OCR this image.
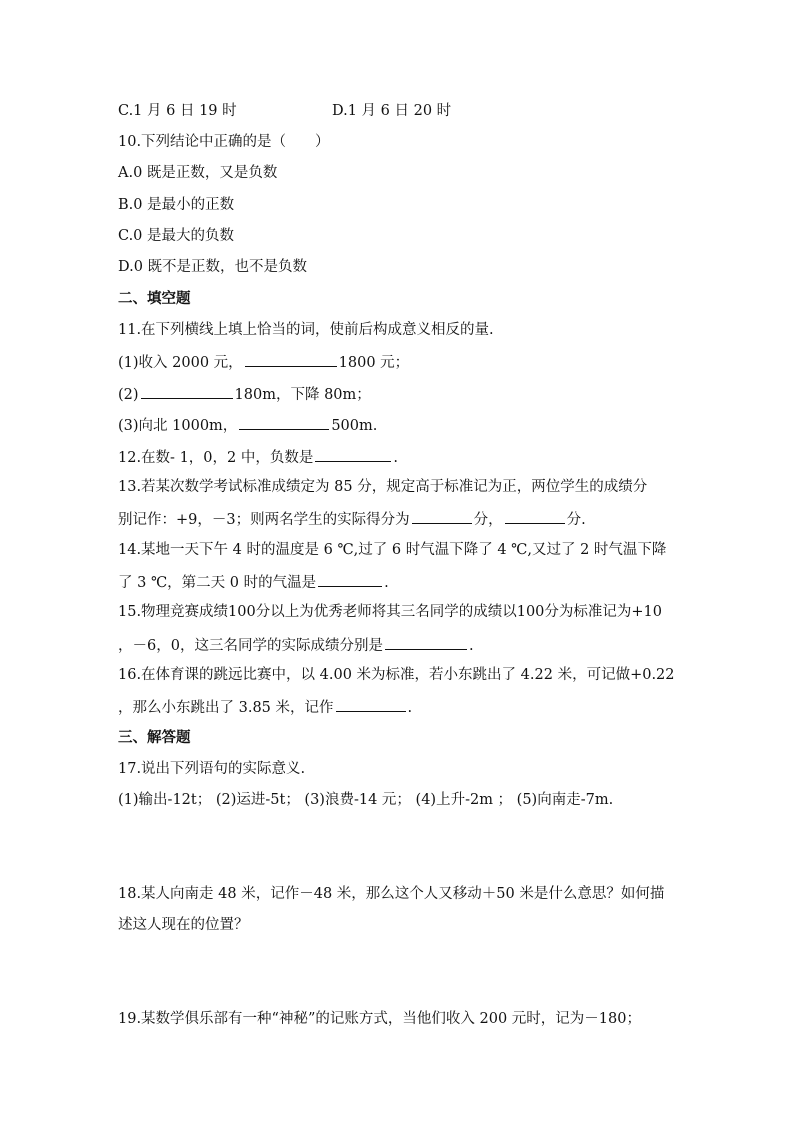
C.1 月 6 日 19 时	D.1 月 6 日 20 时
10.下列结论中正确的是（　　）
A.0 既是正数，又是负数
B.0 是最小的正数
C.0 是最大的负数
D.0 既不是正数，也不是负数
二、填空题
11.在下列横线上填上恰当的词，使前后构成意义相反的量.
(1)收入 2000 元，	1800 元；
(2)	180m，下降 80m；
(3)向北 1000m，	500m.
12.在数- 1，0，2 中，负数是	.
13.若某次数学考试标准成绩定为 85 分，规定高于标准记为正，两位学生的成绩分
别记作：+9，－3；则两名学生的实际得分为	分，	分.
14.某地一天下午 4 时的温度是 6 ℃,过了 6 时气温下降了 4 ℃,又过了 2 时气温下降
了 3 ℃，第二天 0 时的气温是	.
15.物理竞赛成绩100分以上为优秀老师将其三名同学的成绩以100分为标准记为+10
，－6，0，这三名同学的实际成绩分别是	.
16.在体育课的跳远比赛中，以 4.00 米为标准，若小东跳出了 4.22 米，可记做+0.22
，那么小东跳出了 3.85 米，记作	.
三、解答题
17.说出下列语句的实际意义.
(1)输出-12t； (2)运进-5t； (3)浪费-14 元； (4)上升-2m ； (5)向南走-7m.
18.某人向南走 48 米，记作－48 米，那么这个人又移动＋50 米是什么意思？如何描
述这人现在的位置？
19.某数学俱乐部有一种“神秘”的记账方式，当他们收入 200 元时，记为－180；
